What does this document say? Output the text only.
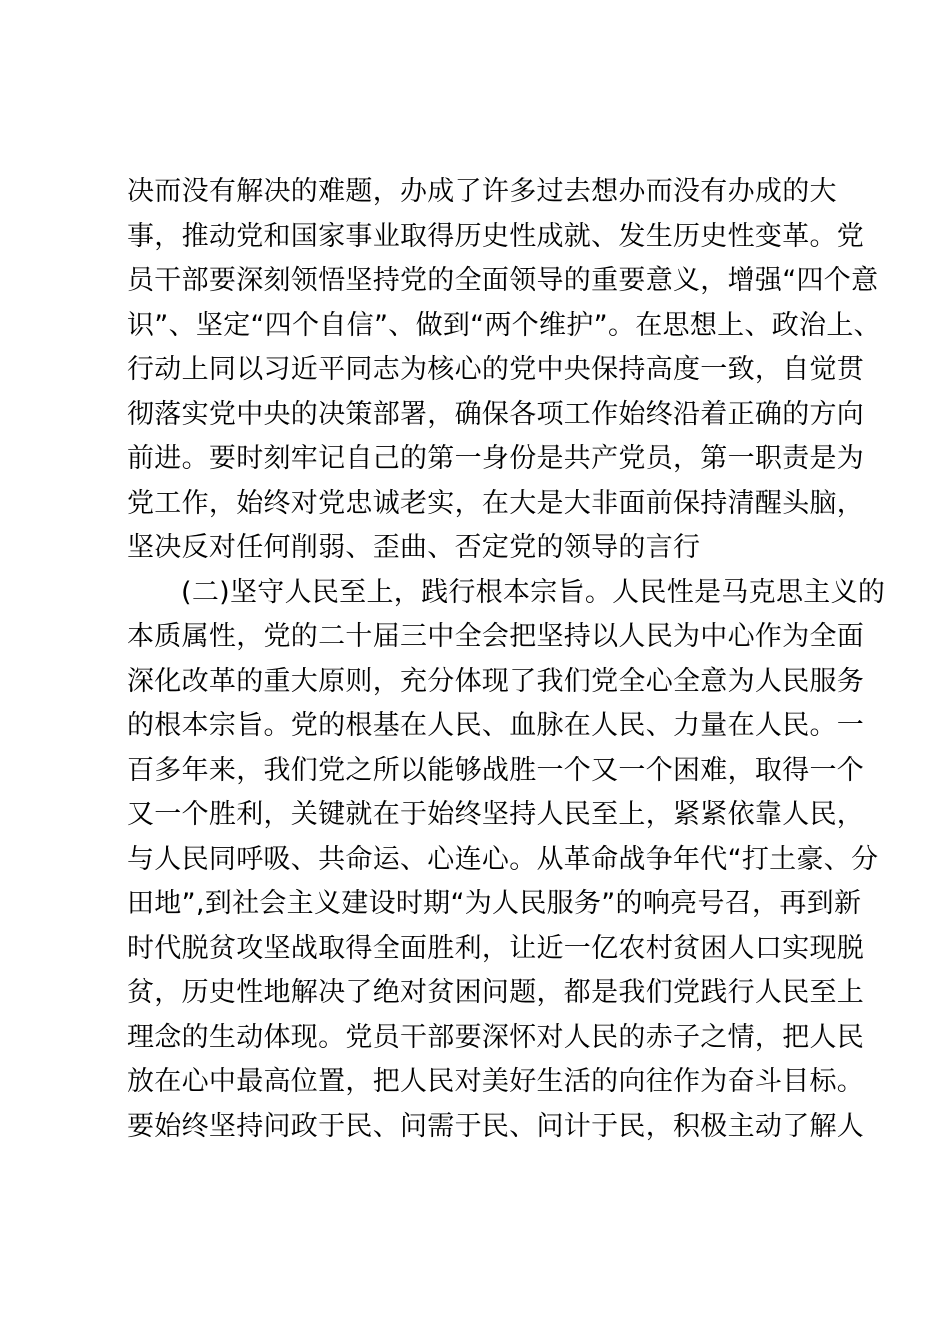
决而没有解决的难题，办成了许多过去想办而没有办成的大
事，推动党和国家事业取得历史性成就、发生历史性变革。党
员干部要深刻领悟坚持党的全面领导的重要意义，增强“四个意
识”、坚定“四个自信”、做到“两个维护”。在思想上、政治上、
行动上同以习近平同志为核心的党中央保持高度一致，自觉贯
彻落实党中央的决策部署，确保各项工作始终沿着正确的方向
前进。要时刻牢记自己的第一身份是共产党员，第一职责是为
党工作，始终对党忠诚老实，在大是大非面前保持清醒头脑，
坚决反对任何削弱、歪曲、否定党的领导的言行
(二)坚守人民至上，践行根本宗旨。人民性是马克思主义的
本质属性，党的二十届三中全会把坚持以人民为中心作为全面
深化改革的重大原则，充分体现了我们党全心全意为人民服务
的根本宗旨。党的根基在人民、血脉在人民、力量在人民。一
百多年来，我们党之所以能够战胜一个又一个困难，取得一个
又一个胜利，关键就在于始终坚持人民至上，紧紧依靠人民，
与人民同呼吸、共命运、心连心。从革命战争年代“打土豪、分
田地”,到社会主义建设时期“为人民服务”的响亮号召，再到新
时代脱贫攻坚战取得全面胜利，让近一亿农村贫困人口实现脱
贫，历史性地解决了绝对贫困问题，都是我们党践行人民至上
理念的生动体现。党员干部要深怀对人民的赤子之情，把人民
放在心中最高位置，把人民对美好生活的向往作为奋斗目标。
要始终坚持问政于民、问需于民、问计于民，积极主动了解人
